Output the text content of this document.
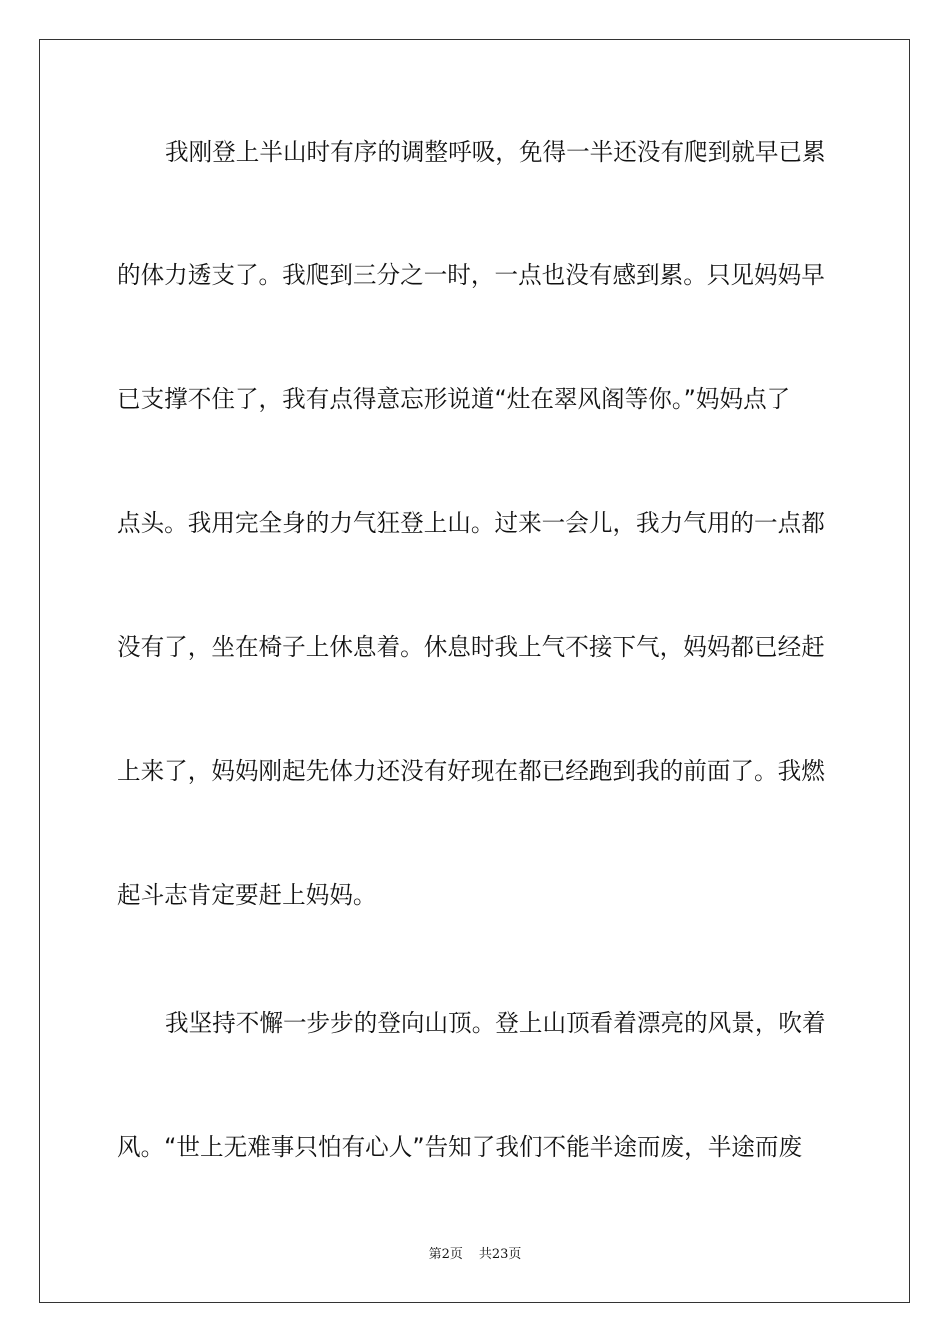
我刚登上半山时有序的调整呼吸，免得一半还没有爬到就早已累
的体力透支了。我爬到三分之一时，一点也没有感到累。只见妈妈早
已支撑不住了，我有点得意忘形说道“灶在翠风阁等你。”妈妈点了
点头。我用完全身的力气狂登上山。过来一会儿，我力气用的一点都
没有了，坐在椅子上休息着。休息时我上气不接下气，妈妈都已经赶
上来了，妈妈刚起先体力还没有好现在都已经跑到我的前面了。我燃
起斗志肯定要赶上妈妈。
我坚持不懈一步步的登向山顶。登上山顶看着漂亮的风景，吹着
风。“世上无难事只怕有心人”告知了我们不能半途而废，半途而废
第2页 共23页
